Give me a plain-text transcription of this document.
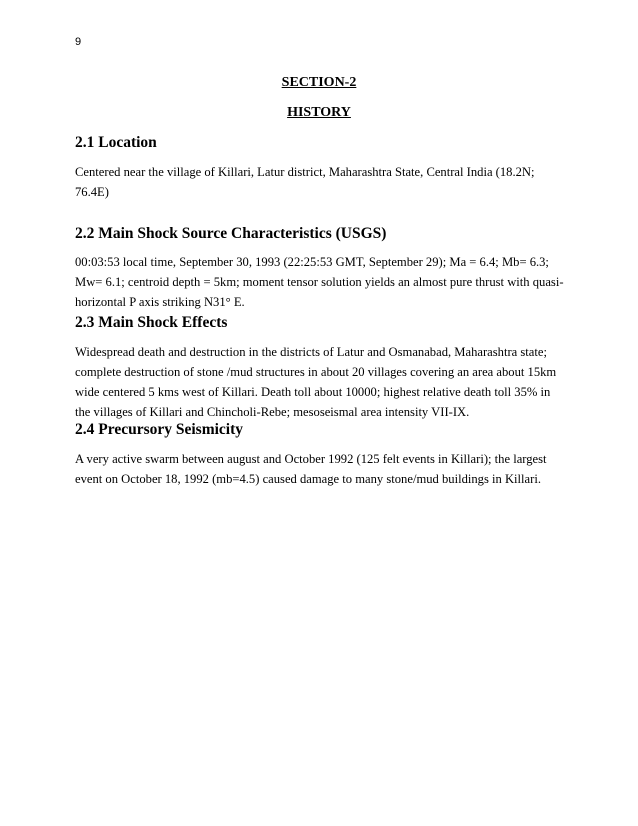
9
SECTION-2
HISTORY
2.1 Location
Centered near the village of Killari, Latur district, Maharashtra State, Central India (18.2N;
76.4E)
2.2 Main Shock Source Characteristics (USGS)
00:03:53 local time, September 30, 1993 (22:25:53 GMT, September 29); Ma = 6.4; Mb= 6.3;
Mw= 6.1; centroid depth = 5km; moment tensor solution yields an almost pure thrust with quasi-
horizontal P axis striking N31° E.
2.3 Main Shock Effects
Widespread death and destruction in the districts of Latur and Osmanabad, Maharashtra state;
complete destruction of stone /mud structures in about 20 villages covering an area about 15km
wide centered 5 kms west of Killari. Death toll about 10000; highest relative death toll 35% in
the villages of Killari and Chincholi-Rebe; mesoseismal area intensity VII-IX.
2.4 Precursory Seismicity
A very active swarm between august and October 1992 (125 felt events in Killari); the largest
event on October 18, 1992 (mb=4.5) caused damage to many stone/mud buildings in Killari.
